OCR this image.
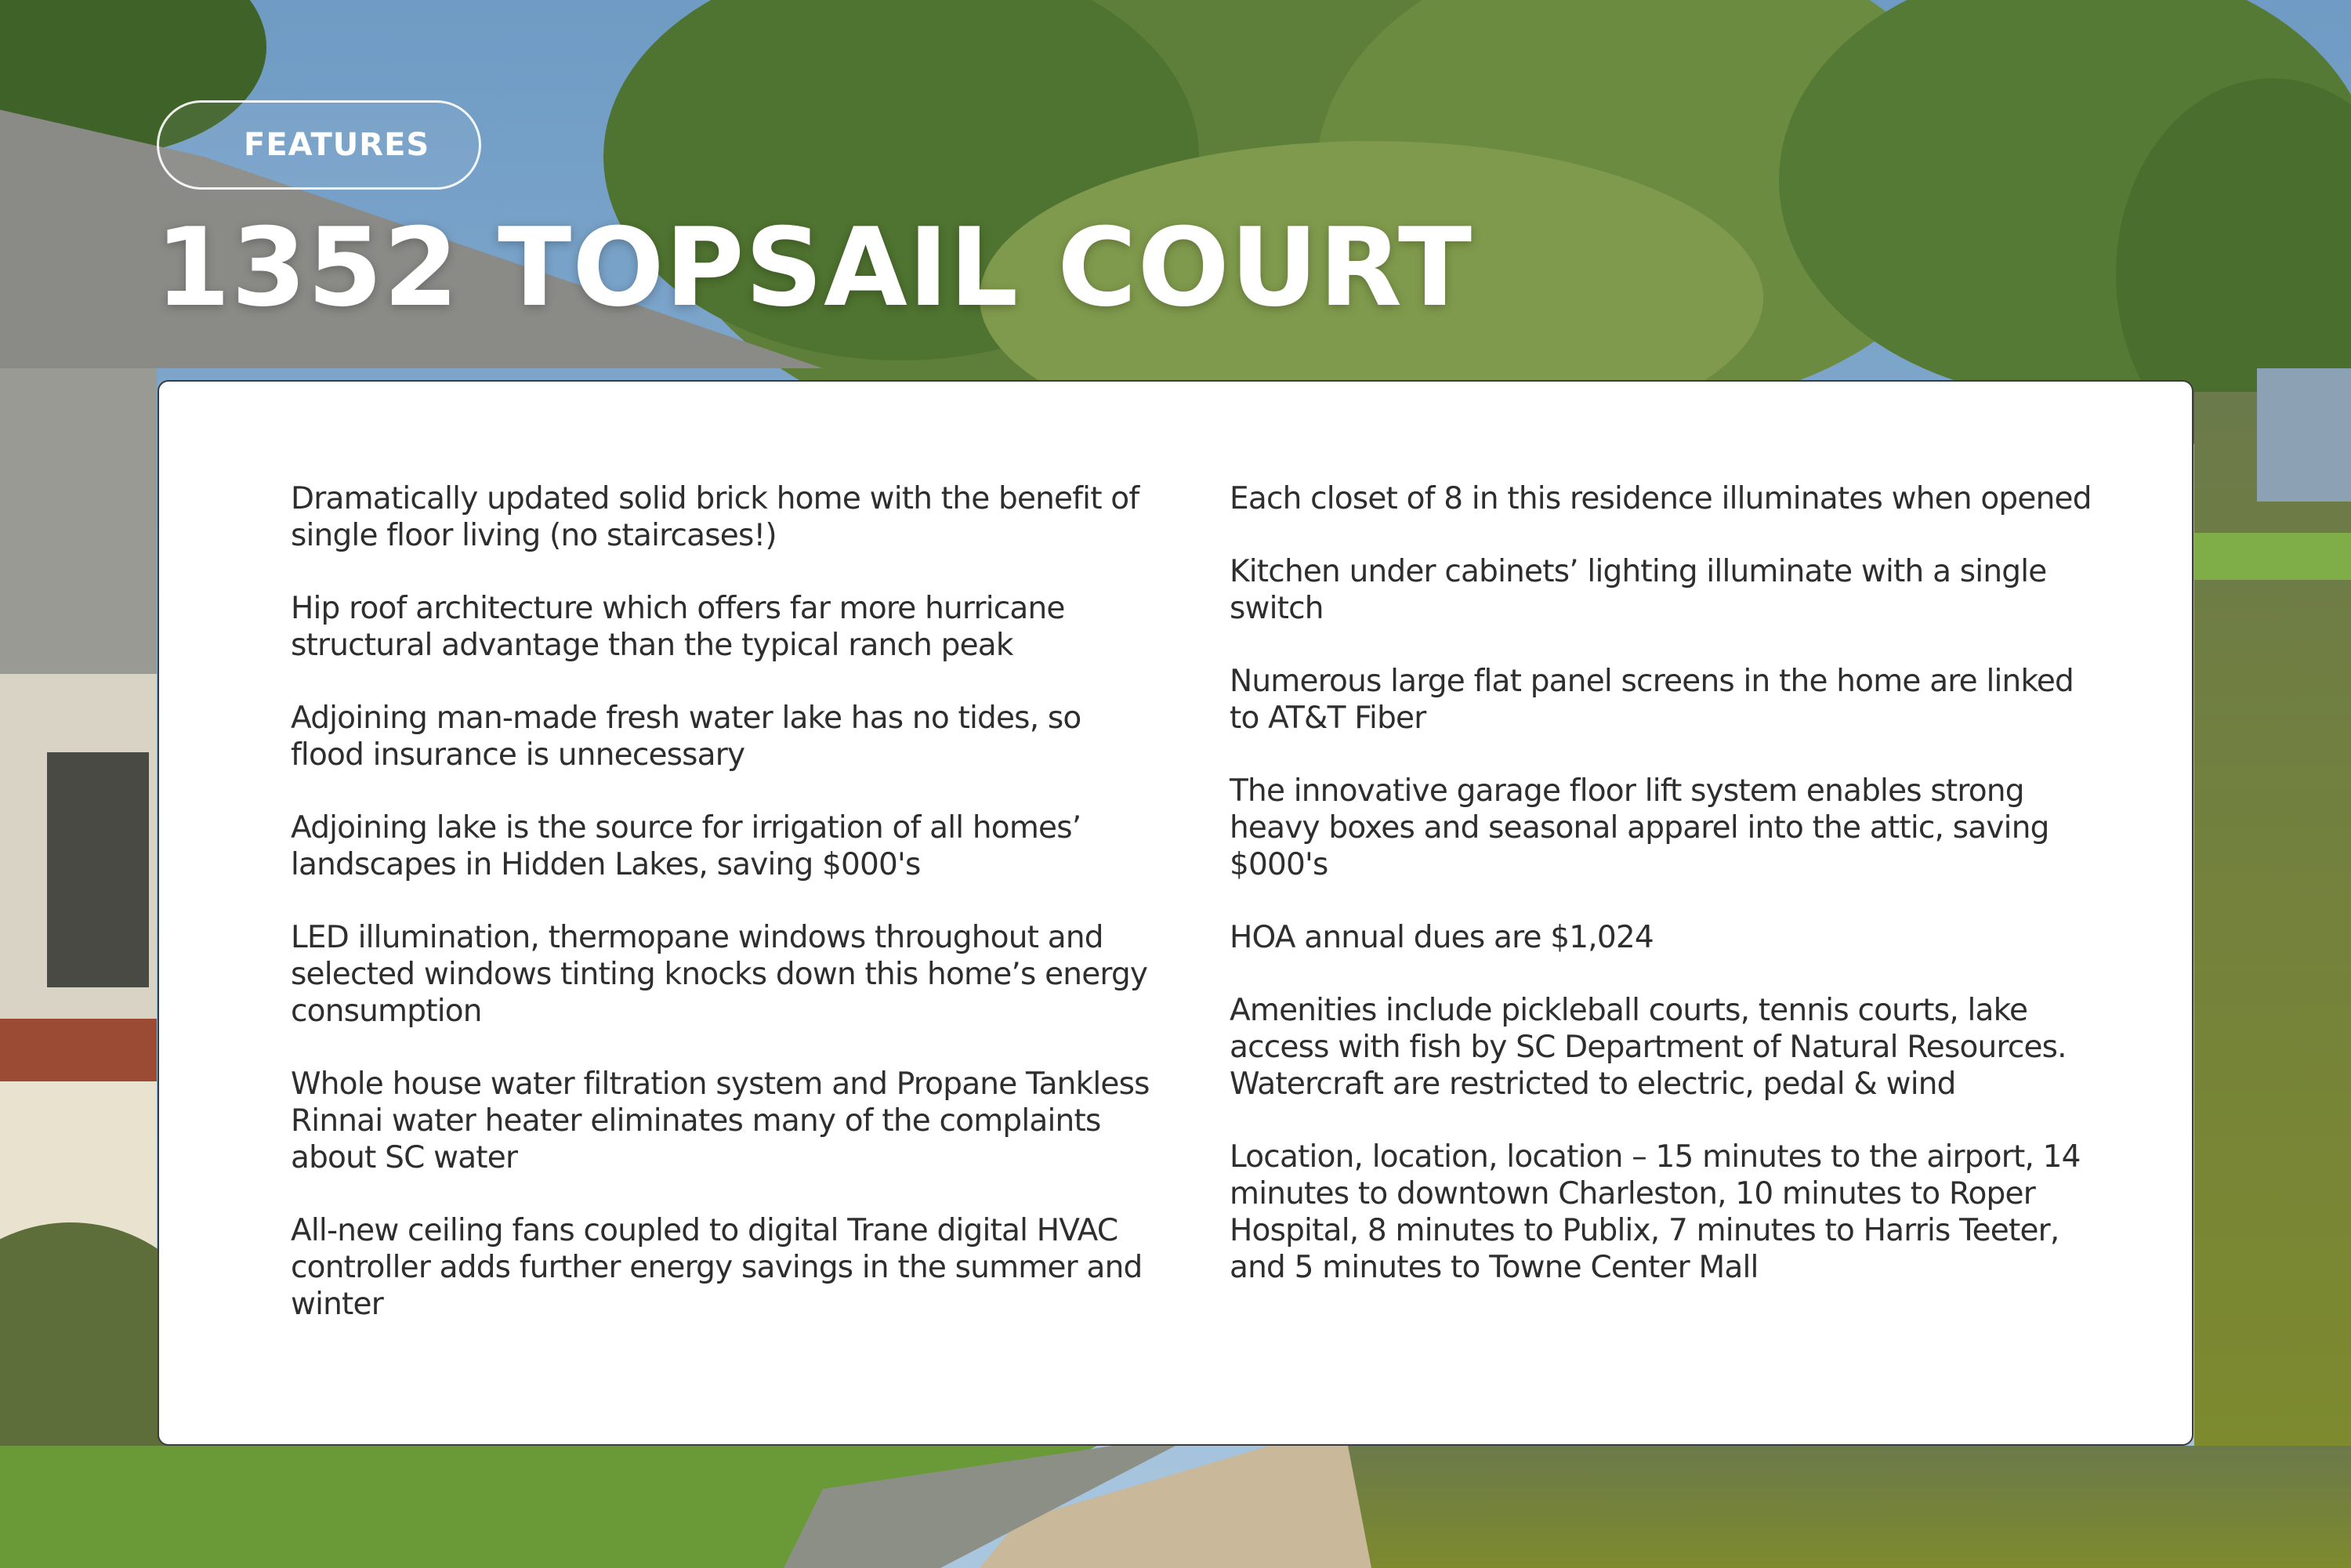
FEATURES
1352 TOPSAIL COURT

Dramatically updated solid brick home with the benefit of single floor living (no staircases!)

Hip roof architecture which offers far more hurricane structural advantage than the typical ranch peak

Adjoining man-made fresh water lake has no tides, so flood insurance is unnecessary

Adjoining lake is the source for irrigation of all homes’ landscapes in Hidden Lakes, saving $000's

LED illumination, thermopane windows throughout and selected windows tinting knocks down this home’s energy consumption

Whole house water filtration system and Propane Tankless Rinnai water heater eliminates many of the complaints about SC water

All-new ceiling fans coupled to digital Trane digital HVAC controller adds further energy savings in the summer and winter

Each closet of 8 in this residence illuminates when opened

Kitchen under cabinets’ lighting illuminate with a single switch

Numerous large flat panel screens in the home are linked to AT&T Fiber

The innovative garage floor lift system enables strong heavy boxes and seasonal apparel into the attic, saving $000's

HOA annual dues are $1,024

Amenities include pickleball courts, tennis courts, lake access with fish by SC Department of Natural Resources. Watercraft are restricted to electric, pedal & wind

Location, location, location – 15 minutes to the airport, 14 minutes to downtown Charleston, 10 minutes to Roper Hospital, 8 minutes to Publix, 7 minutes to Harris Teeter, and 5 minutes to Towne Center Mall
